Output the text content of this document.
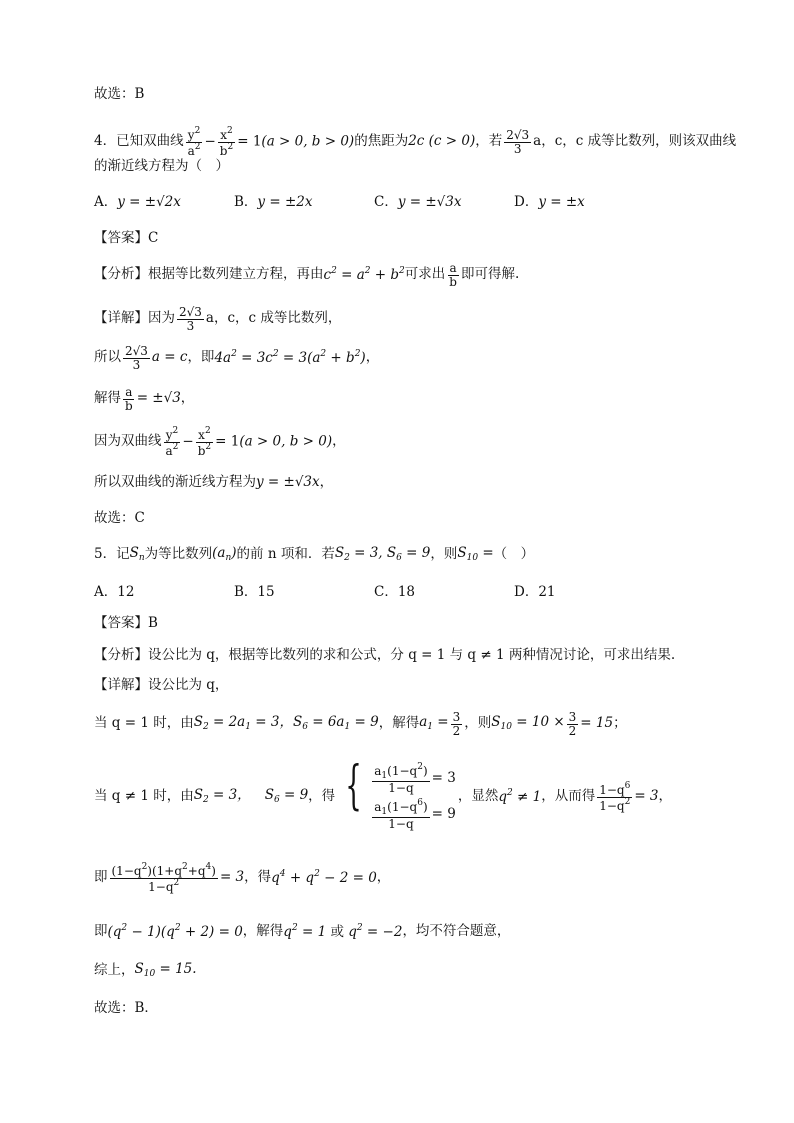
故选：B
4．已知双曲线 $\frac{y^2}{a^2} - \frac{x^2}{b^2} = 1(a > 0$, b > 0) 的焦距为 2c (c > 0) ，若 $\frac{2√3}{3}$ a，c，c 成等比数列，则该双曲线
的渐近线方程为（　）
A． y = ±√2x	B． y = ±2x	C． y = ±√3x	D． y = ±x
【答案】C
【分析】 根据等比数列建立方程，再由 $c^2 = a^2 + b^2$ 可求出 $\frac{a}{b}$ 即可得解.
【详解】 因为 $\frac{2√3}{3}$ a，c，c 成等比数列，
所以 $\frac{2√3}{3}$ a = c ，即 $4a^2 = 3c^2 = 3(a^2 + b^2)$ ，
解得 $\frac{a}{b} = \pm√3$ ，
因为双曲线 $\frac{y^2}{a^2} - \frac{x^2}{b^2} = 1(a > 0$, b > 0) ，
所以双曲线的渐近线方程为 y = ±√3x ，
故选：C
5．记 $S_n$ 为等比数列 $(a_n)$ 的前 n 项和．若 $S_2 = 3$, $S_6 = 9$ ，则 $S_{10}$ = （　）
A． 12	B． 15	C． 18	D． 21
【答案】B
【分析】 设公比为 q，根据等比数列的求和公式，分 q = 1 与 q ≠ 1 两种情况讨论，可求出结果.
【详解】 设公比为 q，
当 q = 1 时，由 $S_2 = 2a_1 = 3$，$S_6 = 6a_1 = 9$ ，解得 $a_1 = \frac{3}{2}$ ，则 $S_{10} = 10 \times \frac{3}{2} = 15$ ；
当 q ≠ 1 时，由 $S_2 = 3$， $S_6 = 9$ ，得 { $\frac{a_1(1-q^2)}{1-q} = 3$
$\frac{a_1(1-q^6)}{1-q} = 9$
，显然 $q^2 \ne 1$ ，从而得 $\frac{1-q^6}{1-q^2} = 3$ ，
即 $\frac{(1-q^2)(1+q^2+q^4)}{1-q^2} = 3$ ，得 $q^4 + q^2 - 2 = 0$ ，
即 $(q^2 - 1)(q^2 + 2) = 0$ ，解得 $q^2 = 1$ 或 $q^2 = -2$ ，均不符合题意，
综上， $S_{10} = 15$.
故选：B．
